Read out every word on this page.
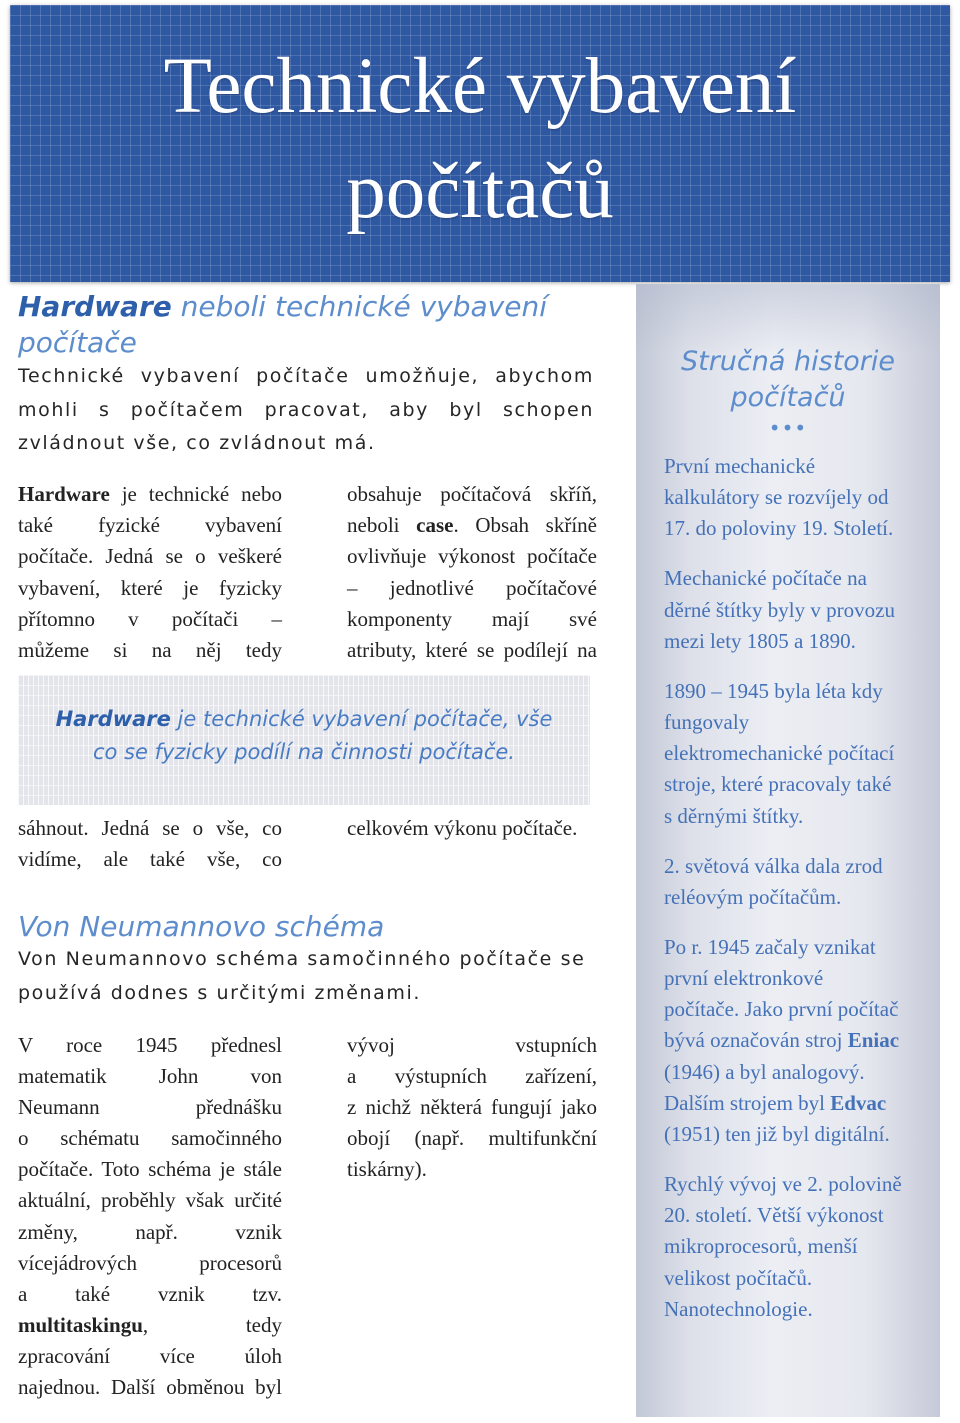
Technické vybavení
počítačů
Hardware neboli technické vybavení
počítače
Technické vybavení počítače umožňuje, abychom
mohli s počítačem pracovat, aby byl schopen
zvládnout vše, co zvládnout má.
Hardware je technické nebo
také fyzické vybavení
počítače. Jedná se o veškeré
vybavení, které je fyzicky
přítomno v počítači –
můžeme si na něj tedy
obsahuje počítačová skříň,
neboli case. Obsah skříně
ovlivňuje výkonost počítače
– jednotlivé počítačové
komponenty mají své
atributy, které se podílejí na
Hardware je technické vybavení počítače, vše
co se fyzicky podílí na činnosti počítače.
sáhnout. Jedná se o vše, co
vidíme, ale také vše, co
celkovém výkonu počítače.
Von Neumannovo schéma
Von Neumannovo schéma samočinného počítače se
používá dodnes s určitými změnami.
V roce 1945 přednesl
matematik John von
Neumann přednášku
o schématu samočinného
počítače. Toto schéma je stále
aktuální, proběhly však určité
změny, např. vznik
vícejádrových procesorů
a také vznik tzv.
multitaskingu, tedy
zpracování více úloh
najednou. Další obměnou byl
vývoj vstupních
a výstupních zařízení,
z nichž některá fungují jako
obojí (např. multifunkční
tiskárny).
Stručná historie
počítačů
•••
První mechanické
kalkulátory se rozvíjely od
17. do poloviny 19. Století.
Mechanické počítače na
děrné štítky byly v provozu
mezi lety 1805 a 1890.
1890 – 1945 byla léta kdy
fungovaly
elektromechanické počítací
stroje, které pracovaly také
s děrnými štítky.
2. světová válka dala zrod
reléovým počítačům.
Po r. 1945 začaly vznikat
první elektronkové
počítače. Jako první počítač
bývá označován stroj Eniac
(1946) a byl analogový.
Dalším strojem byl Edvac
(1951) ten již byl digitální.
Rychlý vývoj ve 2. polovině
20. století. Větší výkonost
mikroprocesorů, menší
velikost počítačů.
Nanotechnologie.
